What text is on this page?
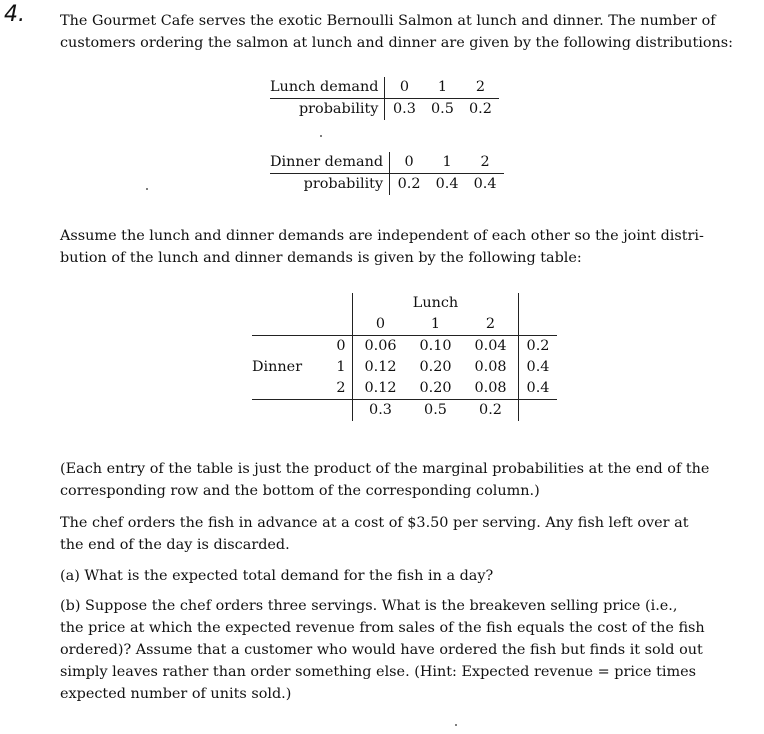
4. The Gourmet Cafe serves the exotic Bernoulli Salmon at lunch and dinner. The number of
customers ordering the salmon at lunch and dinner are given by the following distributions:
Lunch demand	0	1	2
probability	0.3	0.5	0.2
Dinner demand	0	1	2
probability	0.2	0.4	0.4
Assume the lunch and dinner demands are independent of each other so the joint distri-
bution of the lunch and dinner demands is given by the following table:
			Lunch		
		0	1	2	
	0	0.06	0.10	0.04	0.2
Dinner	1	0.12	0.20	0.08	0.4
	2	0.12	0.20	0.08	0.4
		0.3	0.5	0.2	
(Each entry of the table is just the product of the marginal probabilities at the end of the
corresponding row and the bottom of the corresponding column.)
The chef orders the fish in advance at a cost of $3.50 per serving. Any fish left over at
the end of the day is discarded.
(a) What is the expected total demand for the fish in a day?
(b) Suppose the chef orders three servings. What is the breakeven selling price (i.e.,
the price at which the expected revenue from sales of the fish equals the cost of the fish
ordered)? Assume that a customer who would have ordered the fish but finds it sold out
simply leaves rather than order something else. (Hint: Expected revenue = price times
expected number of units sold.)
